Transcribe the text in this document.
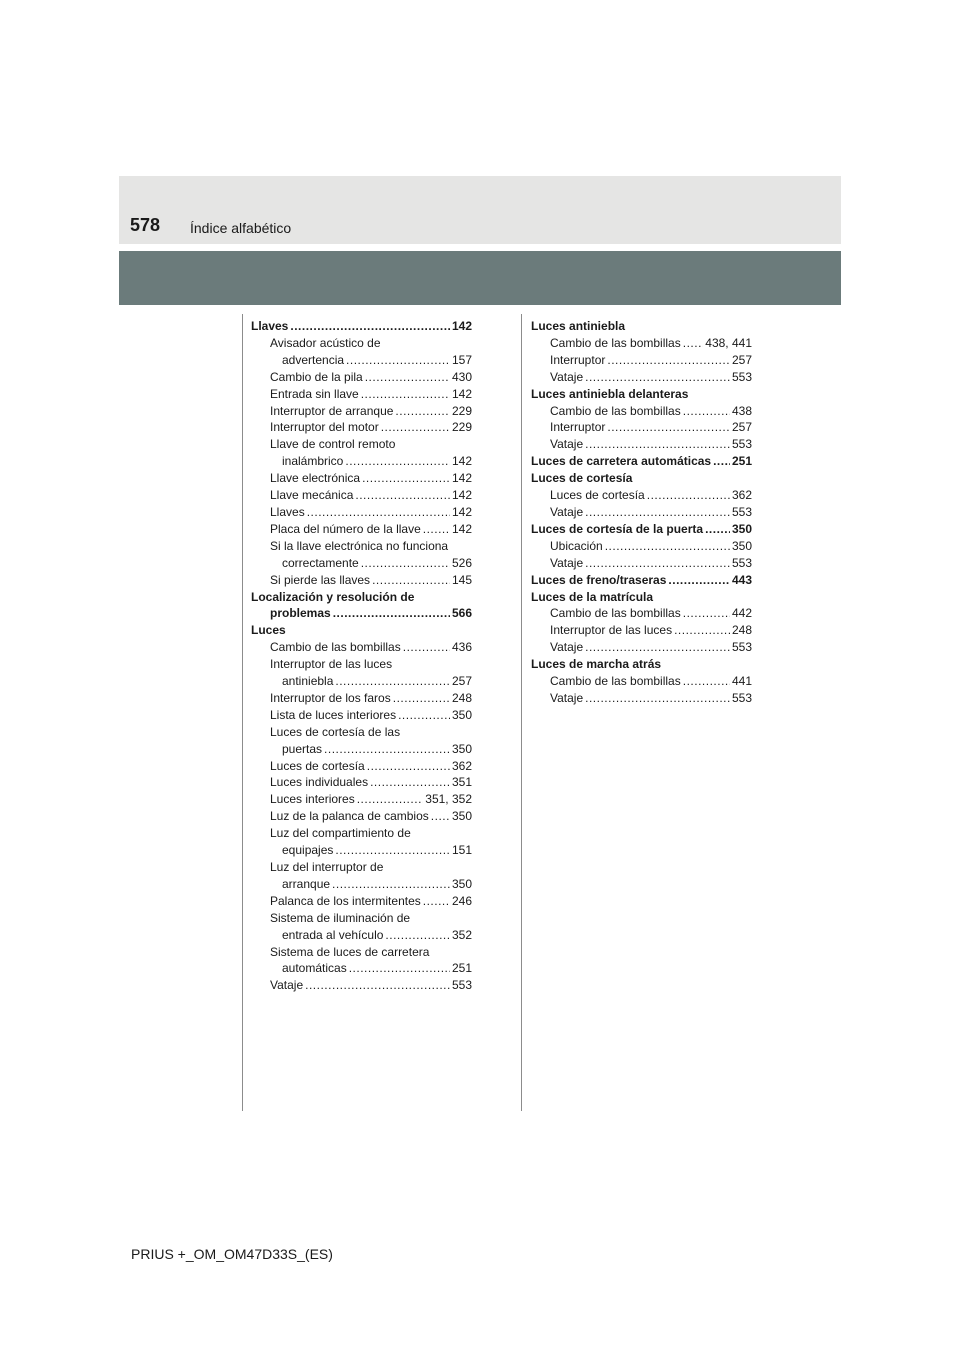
578 Índice alfabético
Llaves .....	142
Avisador acústico de
advertencia .....	157
Cambio de la pila .....	430
Entrada sin llave .....	142
Interruptor de arranque .....	229
Interruptor del motor .....	229
Llave de control remoto
inalámbrico .....	142
Llave electrónica .....	142
Llave mecánica .....	142
Llaves .....	142
Placa del número de la llave .....	142
Si la llave electrónica no funciona
correctamente .....	526
Si pierde las llaves .....	145
Localización y resolución de
problemas .....	566
Luces
Cambio de las bombillas .....	436
Interruptor de las luces
antiniebla .....	257
Interruptor de los faros .....	248
Lista de luces interiores .....	350
Luces de cortesía de las
puertas .....	350
Luces de cortesía .....	362
Luces individuales .....	351
Luces interiores .....	351, 352
Luz de la palanca de cambios ..... 350
Luz del compartimiento de
equipajes .....	151
Luz del interruptor de
arranque .....	350
Palanca de los intermitentes .....	246
Sistema de iluminación de
entrada al vehículo .....	352
Sistema de luces de carretera
automáticas .....	251
Vataje .....	553
Luces antiniebla
Cambio de las bombillas ..... 438, 441
Interruptor .....	257
Vataje .....	553
Luces antiniebla delanteras
Cambio de las bombillas .....	438
Interruptor .....	257
Vataje .....	553
Luces de carretera automáticas ..... 251
Luces de cortesía
Luces de cortesía .....	362
Vataje .....	553
Luces de cortesía de la puerta ..... 350
Ubicación .....	350
Vataje .....	553
Luces de freno/traseras .....	443
Luces de la matrícula
Cambio de las bombillas .....	442
Interruptor de las luces .....	248
Vataje .....	553
Luces de marcha atrás
Cambio de las bombillas .....	441
Vataje .....	553
PRIUS +_OM_OM47D33S_(ES)
